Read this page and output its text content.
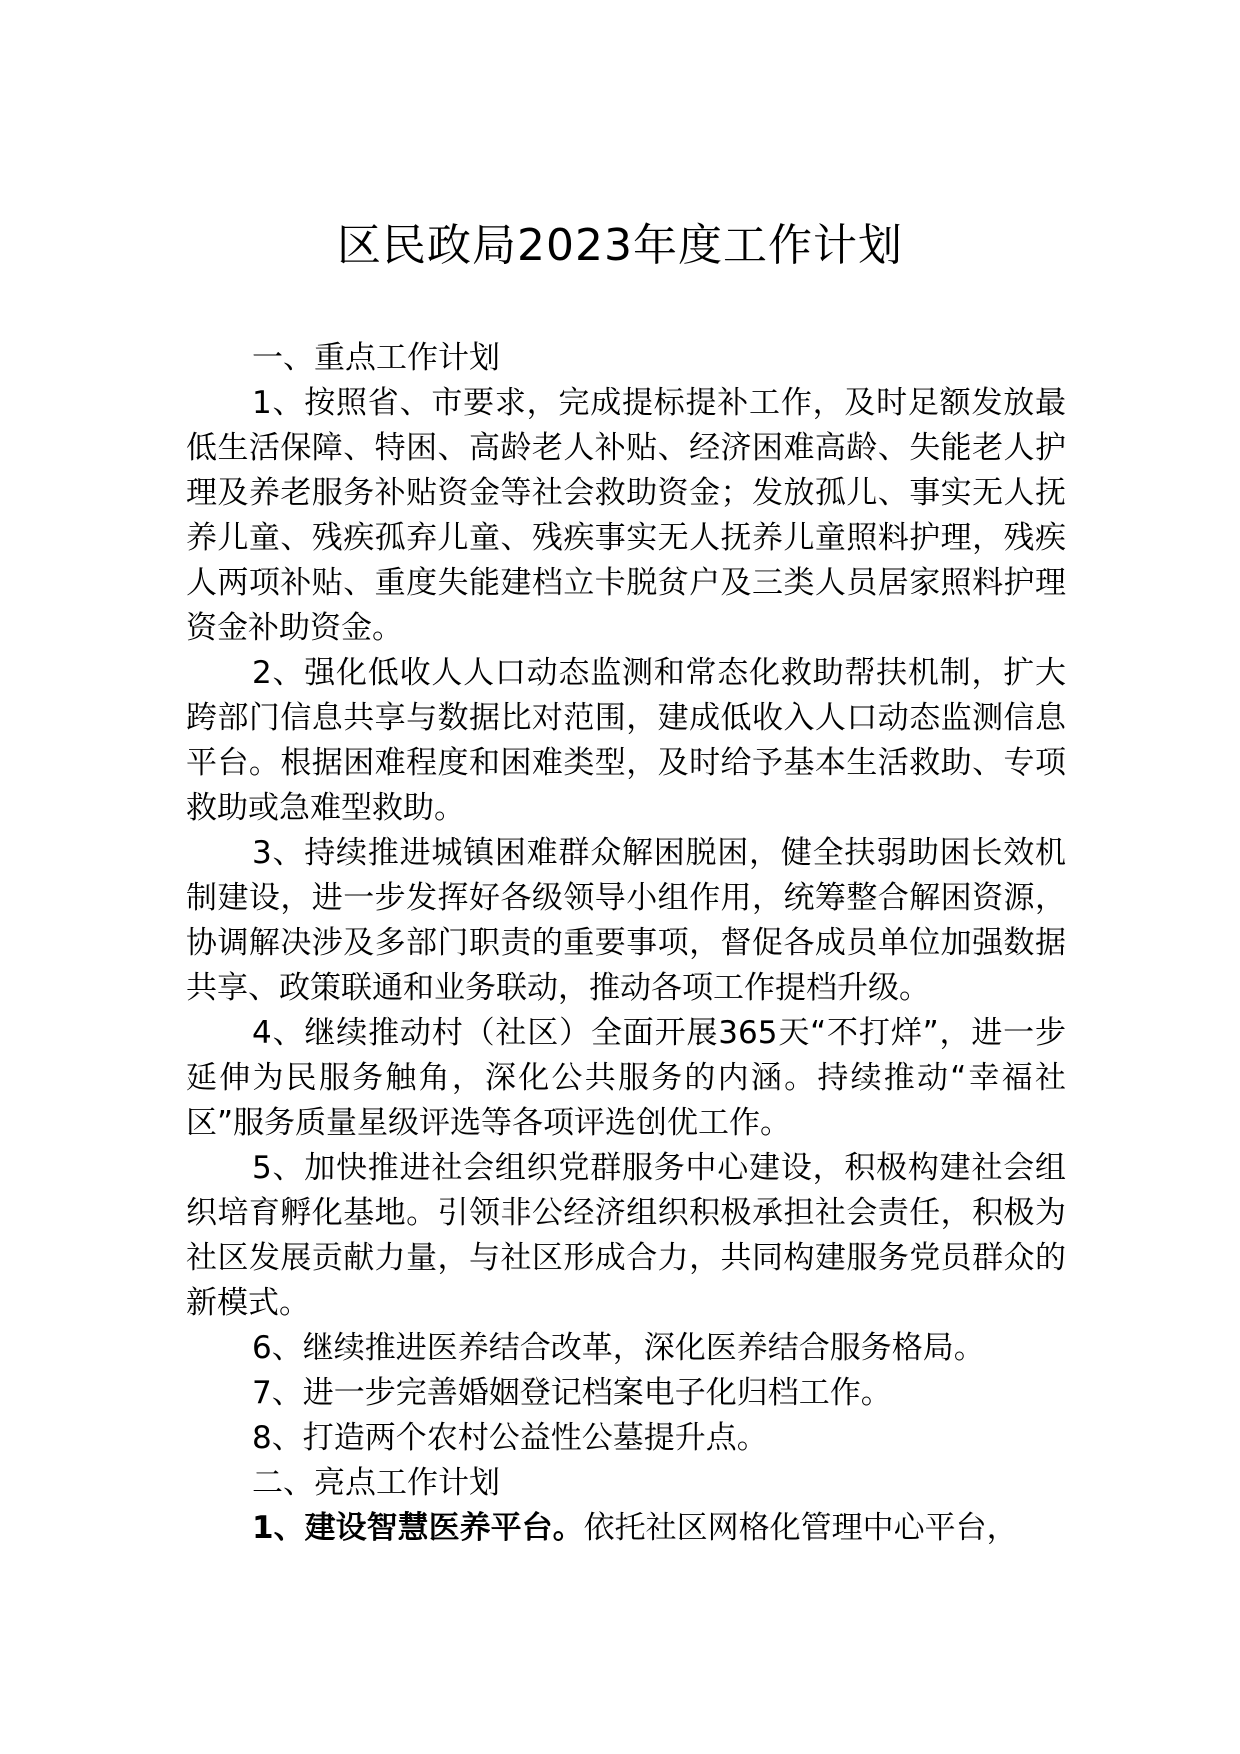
区民政局2023年度工作计划

一、重点工作计划

1、按照省、市要求，完成提标提补工作，及时足额发放最低生活保障、特困、高龄老人补贴、经济困难高龄、失能老人护理及养老服务补贴资金等社会救助资金；发放孤儿、事实无人抚养儿童、残疾孤弃儿童、残疾事实无人抚养儿童照料护理，残疾人两项补贴、重度失能建档立卡脱贫户及三类人员居家照料护理资金补助资金。

2、强化低收人人口动态监测和常态化救助帮扶机制，扩大跨部门信息共享与数据比对范围，建成低收入人口动态监测信息平台。根据困难程度和困难类型，及时给予基本生活救助、专项救助或急难型救助。

3、持续推进城镇困难群众解困脱困，健全扶弱助困长效机制建设，进一步发挥好各级领导小组作用，统筹整合解困资源，协调解决涉及多部门职责的重要事项，督促各成员单位加强数据共享、政策联通和业务联动，推动各项工作提档升级。

4、继续推动村（社区）全面开展365天“不打烊”，进一步延伸为民服务触角，深化公共服务的内涵。持续推动“幸福社区”服务质量星级评选等各项评选创优工作。

5、加快推进社会组织党群服务中心建设，积极构建社会组织培育孵化基地。引领非公经济组织积极承担社会责任，积极为社区发展贡献力量，与社区形成合力，共同构建服务党员群众的新模式。

6、继续推进医养结合改革，深化医养结合服务格局。

7、进一步完善婚姻登记档案电子化归档工作。

8、打造两个农村公益性公墓提升点。

二、亮点工作计划

1、建设智慧医养平台。依托社区网格化管理中心平台，
